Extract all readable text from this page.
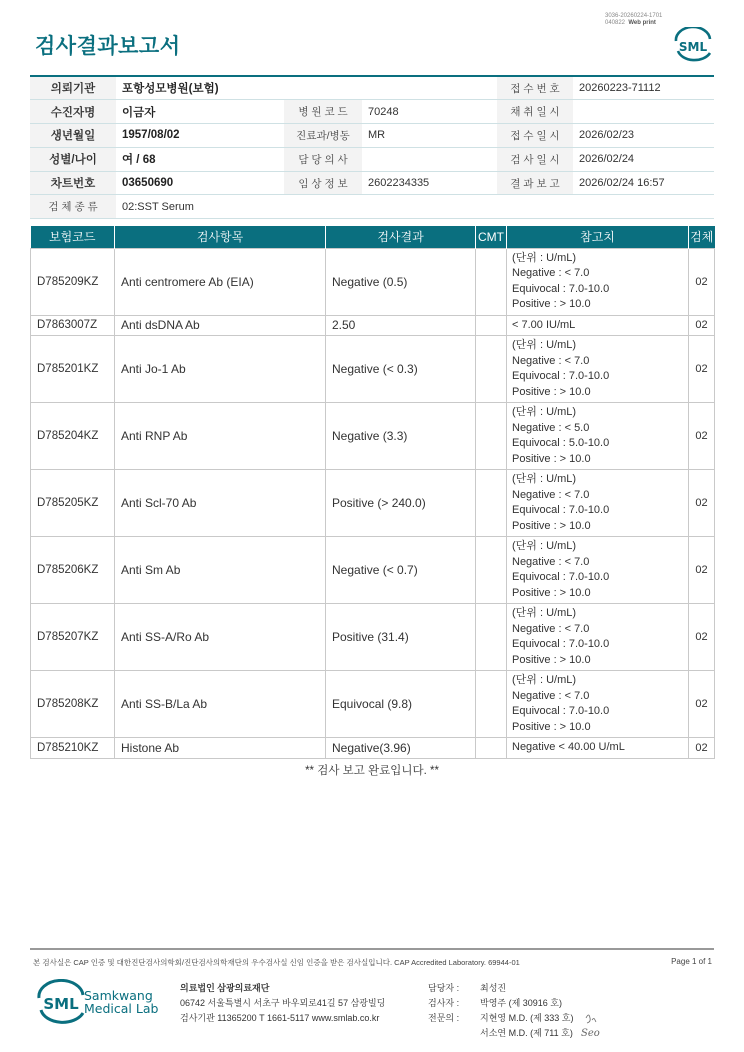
검사결과보고서
3036-20260224-1701
040822 Web print
SML
의뢰기관	포항성모병원(보험)			접 수 번 호	20260223-71112
수진자명	이금자	병 원 코 드	70248	채 취 일 시	
생년월일	1957/08/02	진료과/병동	MR	접 수 일 시	2026/02/23
성별/나이	여 / 68	담 당 의 사		검 사 일 시	2026/02/24
차트번호	03650690	임 상 정 보	2602234335	결 과 보 고	2026/02/24 16:57
검 체 종 류	02:SST Serum				
보험코드	검사항목	검사결과	CMT	참고치	검체
D785209KZ	Anti centromere Ab (EIA)	Negative (0.5)		(단위 : U/mL)
Negative : < 7.0
Equivocal : 7.0-10.0
Positive : > 10.0	02
D7863007Z	Anti dsDNA Ab	2.50		< 7.00 IU/mL	02
D785201KZ	Anti Jo-1 Ab	Negative (< 0.3)		(단위 : U/mL)
Negative : < 7.0
Equivocal : 7.0-10.0
Positive : > 10.0	02
D785204KZ	Anti RNP Ab	Negative (3.3)		(단위 : U/mL)
Negative : < 5.0
Equivocal : 5.0-10.0
Positive : > 10.0	02
D785205KZ	Anti Scl-70 Ab	Positive (> 240.0)		(단위 : U/mL)
Negative : < 7.0
Equivocal : 7.0-10.0
Positive : > 10.0	02
D785206KZ	Anti Sm Ab	Negative (< 0.7)		(단위 : U/mL)
Negative : < 7.0
Equivocal : 7.0-10.0
Positive : > 10.0	02
D785207KZ	Anti SS-A/Ro Ab	Positive (31.4)		(단위 : U/mL)
Negative : < 7.0
Equivocal : 7.0-10.0
Positive : > 10.0	02
D785208KZ	Anti SS-B/La Ab	Equivocal (9.8)		(단위 : U/mL)
Negative : < 7.0
Equivocal : 7.0-10.0
Positive : > 10.0	02
D785210KZ	Histone Ab	Negative(3.96)		Negative < 40.00 U/mL	02
** 검사 보고 완료입니다. **
본 검사실은 CAP 인증 및 대한진단검사의학회/진단검사의학재단의 우수검사실 신임 인증을 받은 검사실입니다. CAP Accredited Laboratory. 69944-01	Page 1 of 1
SML Samkwang
Medical Lab
의료법인 삼광의료재단
06742 서울특별시 서초구 바우뫼로41길 57 삼광빌딩
검사기관 11365200 T 1661-5117 www.smlab.co.kr
담당자 : 최성진
검사자 : 박영주 (제 30916 호)
전문의 : 지현영 M.D. (제 333 호)
서소연 M.D. (제 711 호) Seo
